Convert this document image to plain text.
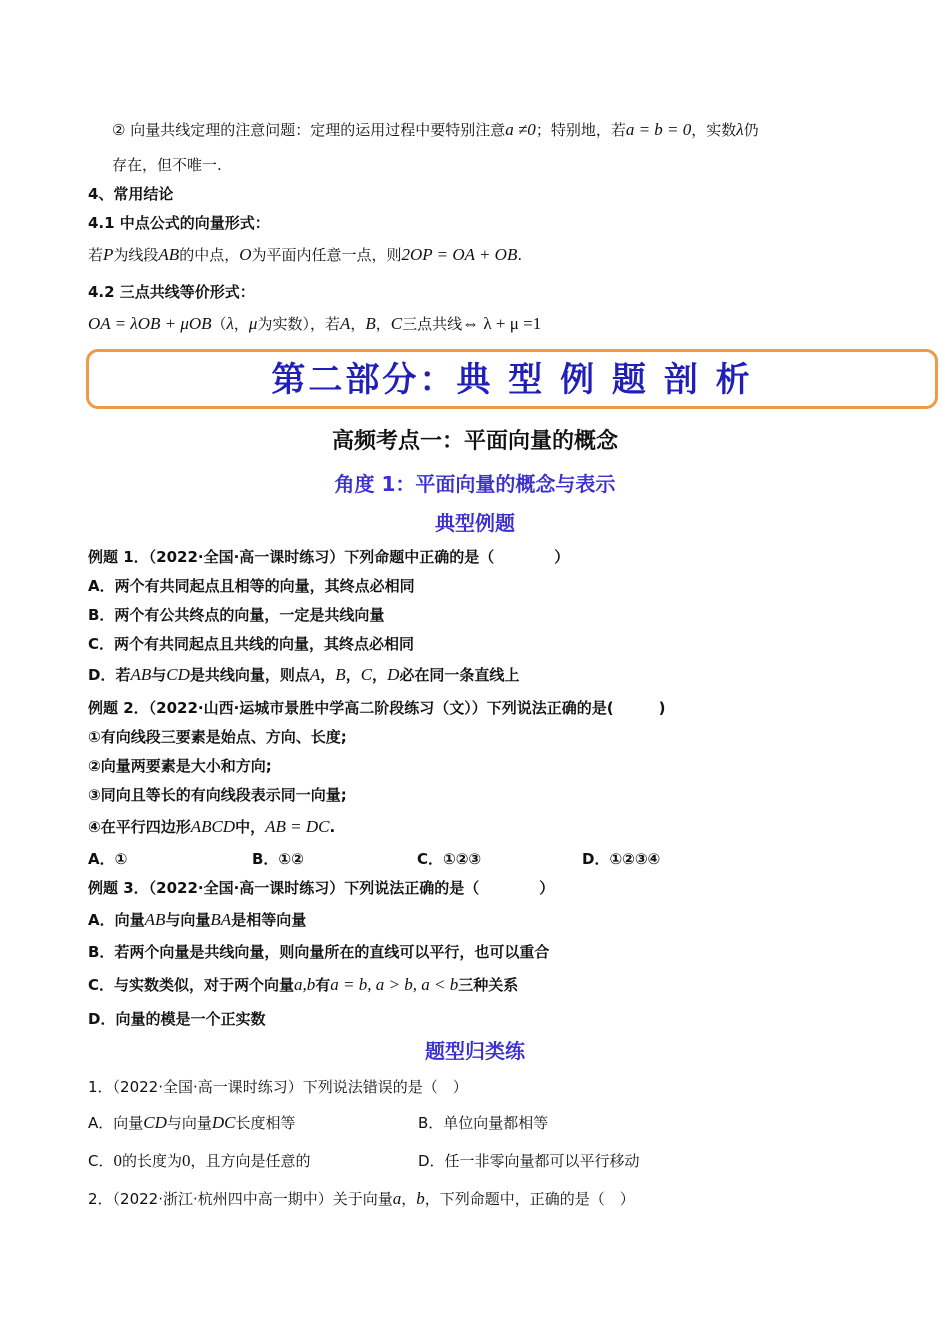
② 向量共线定理的注意问题：定理的运用过程中要特别注意a ≠0；特别地，若a = b = 0，实数λ仍
存在，但不唯一.
4、常用结论
4.1 中点公式的向量形式：
若P为线段AB的中点，O为平面内任意一点，则2OP = OA + OB.
4.2 三点共线等价形式：
OA = λOB + μOB（λ，μ为实数），若A，B，C三点共线⇔ λ + μ =1
第二部分：典 型 例 题 剖 析
高频考点一：平面向量的概念
角度 1：平面向量的概念与表示
典型例题
例题 1．（2022·全国·高一课时练习）下列命题中正确的是（　　　　）
A．两个有共同起点且相等的向量，其终点必相同
B．两个有公共终点的向量，一定是共线向量
C．两个有共同起点且共线的向量，其终点必相同
D．若AB与CD是共线向量，则点A，B，C，D必在同一条直线上
例题 2．（2022·山西·运城市景胜中学高二阶段练习（文））下列说法正确的是(　　　)
①有向线段三要素是始点、方向、长度;
②向量两要素是大小和方向;
③同向且等长的有向线段表示同一向量;
④在平行四边形ABCD中，AB = DC.
A．①	B．①②	C．①②③	D．①②③④
例题 3．（2022·全国·高一课时练习）下列说法正确的是（　　　　）
A．向量AB与向量BA是相等向量
B．若两个向量是共线向量，则向量所在的直线可以平行，也可以重合
C．与实数类似，对于两个向量a,b有a = b, a > b, a < b三种关系
D．向量的模是一个正实数
题型归类练
1．（2022·全国·高一课时练习）下列说法错误的是（　）
A．向量CD与向量DC长度相等	B．单位向量都相等
C．0的长度为0，且方向是任意的	D．任一非零向量都可以平行移动
2．（2022·浙江·杭州四中高一期中）关于向量a，b，下列命题中，正确的是（　）
